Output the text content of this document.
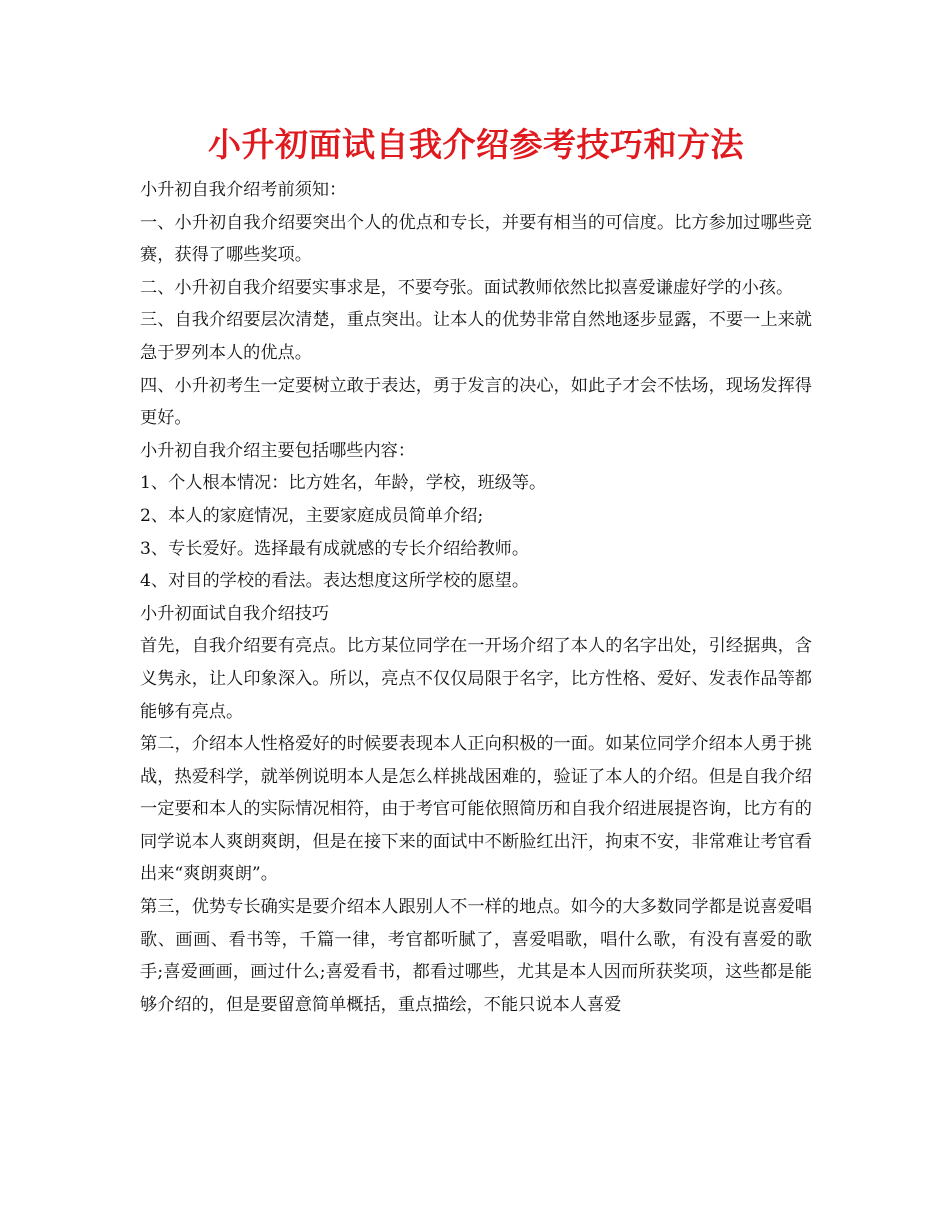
小升初面试自我介绍参考技巧和方法

小升初自我介绍考前须知：

一、小升初自我介绍要突出个人的优点和专长，并要有相当的可信度。比方参加过哪些竞赛，获得了哪些奖项。

二、小升初自我介绍要实事求是，不要夸张。面试教师依然比拟喜爱谦虚好学的小孩。

三、自我介绍要层次清楚，重点突出。让本人的优势非常自然地逐步显露，不要一上来就急于罗列本人的优点。

四、小升初考生一定要树立敢于表达，勇于发言的决心，如此子才会不怯场，现场发挥得更好。

小升初自我介绍主要包括哪些内容：

1、个人根本情况：比方姓名，年龄，学校，班级等。

2、本人的家庭情况，主要家庭成员简单介绍;

3、专长爱好。选择最有成就感的专长介绍给教师。

4、对目的学校的看法。表达想度这所学校的愿望。

小升初面试自我介绍技巧

首先，自我介绍要有亮点。比方某位同学在一开场介绍了本人的名字出处，引经据典，含义隽永，让人印象深入。所以，亮点不仅仅局限于名字，比方性格、爱好、发表作品等都能够有亮点。

第二，介绍本人性格爱好的时候要表现本人正向积极的一面。如某位同学介绍本人勇于挑战，热爱科学，就举例说明本人是怎么样挑战困难的，验证了本人的介绍。但是自我介绍一定要和本人的实际情况相符，由于考官可能依照简历和自我介绍进展提咨询，比方有的同学说本人爽朗爽朗，但是在接下来的面试中不断脸红出汗，拘束不安，非常难让考官看出来“爽朗爽朗”。

第三，优势专长确实是要介绍本人跟别人不一样的地点。如今的大多数同学都是说喜爱唱歌、画画、看书等，千篇一律，考官都听腻了，喜爱唱歌，唱什么歌，有没有喜爱的歌手;喜爱画画，画过什么;喜爱看书，都看过哪些，尤其是本人因而所获奖项，这些都是能够介绍的，但是要留意简单概括，重点描绘，不能只说本人喜爱
